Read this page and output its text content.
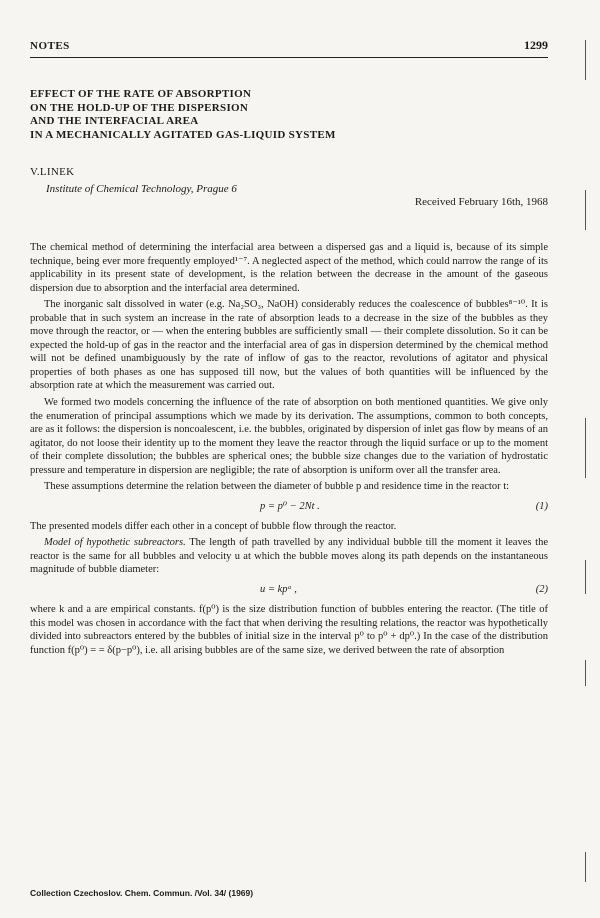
NOTES	1299
EFFECT OF THE RATE OF ABSORPTION
ON THE HOLD-UP OF THE DISPERSION
AND THE INTERFACIAL AREA
IN A MECHANICALLY AGITATED GAS-LIQUID SYSTEM
V.LINEK
Institute of Chemical Technology, Prague 6
Received February 16th, 1968

The chemical method of determining the interfacial area between a dispersed gas and a liquid is, because of its simple technique, being ever more frequently employed¹⁻⁷. A neglected aspect of the method, which could narrow the range of its applicability in its present state of development, is the relation between the decrease in the amount of the gaseous dispersion due to absorption and the interfacial area determined.

The inorganic salt dissolved in water (e.g. Na₂SO₃, NaOH) considerably reduces the coalescence of bubbles⁸⁻¹⁰. It is probable that in such system an increase in the rate of absorption leads to a decrease in the size of the bubbles as they move through the reactor, or — when the entering bubbles are sufficiently small — their complete dissolution. So it can be expected the hold-up of gas in the reactor and the interfacial area of gas in dispersion determined by the chemical method will not be defined unambiguously by the rate of inflow of gas to the reactor, revolutions of agitator and physical properties of both phases as one has supposed till now, but the values of both quantities will be influenced by the absorption rate at which the measurement was carried out.

We formed two models concerning the influence of the rate of absorption on both mentioned quantities. We give only the enumeration of principal assumptions which we made by its derivation. The assumptions, common to both concepts, are as it follows: the dispersion is noncoalescent, i.e. the bubbles, originated by dispersion of inlet gas flow by means of an agitator, do not loose their identity up to the moment they leave the reactor through the liquid surface or up to the moment of their complete dissolution; the bubbles are spherical ones; the bubble size changes due to the variation of hydrostatic pressure and temperature in dispersion are negligible; the rate of absorption is uniform over all the transfer area.

These assumptions determine the relation between the diameter of bubble p and residence time in the reactor t:

p = p⁰ − 2Nt .	(1)

The presented models differ each other in a concept of bubble flow through the reactor.

Model of hypothetic subreactors. The length of path travelled by any individual bubble till the moment it leaves the reactor is the same for all bubbles and velocity u at which the bubble moves along its path depends on the instantaneous magnitude of bubble diameter:

u = kpᵃ ,	(2)

where k and a are empirical constants. f(p⁰) is the size distribution function of bubbles entering the reactor. (The title of this model was chosen in accordance with the fact that when deriving the resulting relations, the reactor was hypothetically divided into subreactors entered by the bubbles of initial size in the interval p⁰ to p⁰ + dp⁰.) In the case of the distribution function f(p⁰) = = δ(p−p⁰), i.e. all arising bubbles are of the same size, we derived between the rate of absorption

Collection Czechoslov. Chem. Commun. /Vol. 34/ (1969)
